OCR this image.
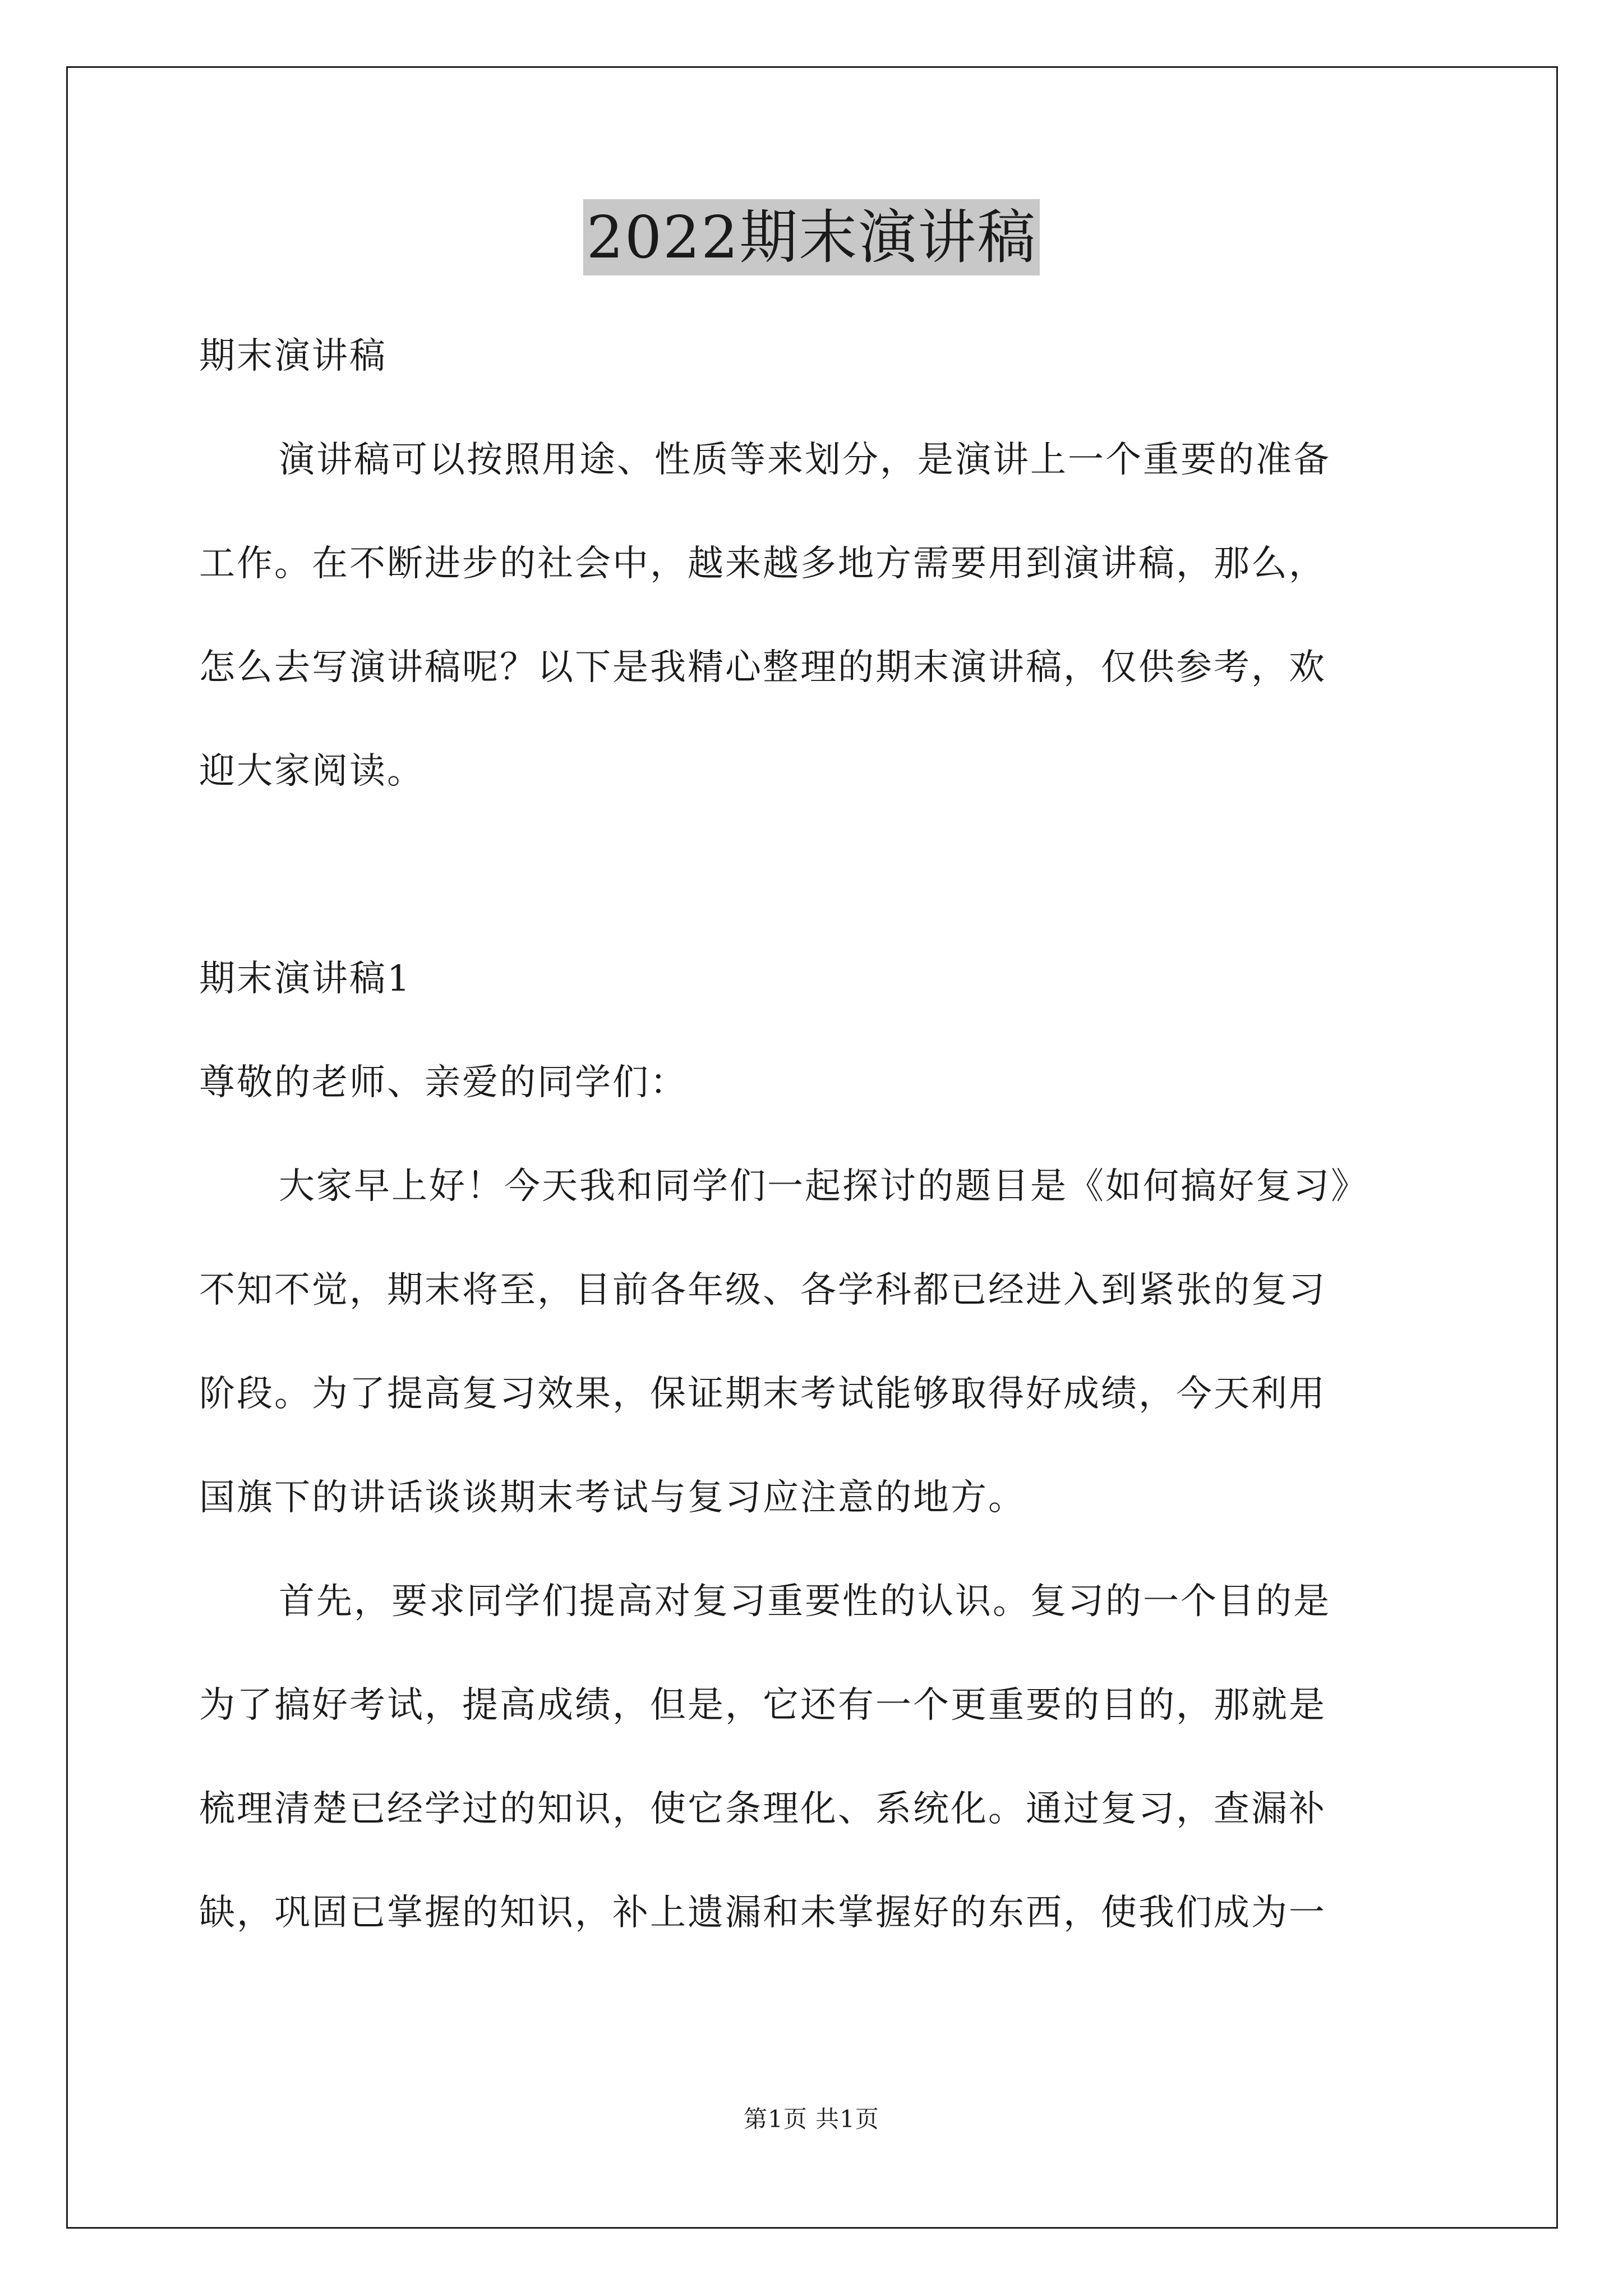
2022期末演讲稿
期末演讲稿
演讲稿可以按照用途、性质等来划分，是演讲上一个重要的准备
工作。在不断进步的社会中，越来越多地方需要用到演讲稿，那么，
怎么去写演讲稿呢？以下是我精心整理的期末演讲稿，仅供参考，欢
迎大家阅读。
期末演讲稿1
尊敬的老师、亲爱的同学们：
大家早上好！今天我和同学们一起探讨的题目是《如何搞好复习》
不知不觉，期末将至，目前各年级、各学科都已经进入到紧张的复习
阶段。为了提高复习效果，保证期末考试能够取得好成绩，今天利用
国旗下的讲话谈谈期末考试与复习应注意的地方。
首先，要求同学们提高对复习重要性的认识。复习的一个目的是
为了搞好考试，提高成绩，但是，它还有一个更重要的目的，那就是
梳理清楚已经学过的知识，使它条理化、系统化。通过复习，查漏补
缺，巩固已掌握的知识，补上遗漏和未掌握好的东西，使我们成为一
第1页 共1页
